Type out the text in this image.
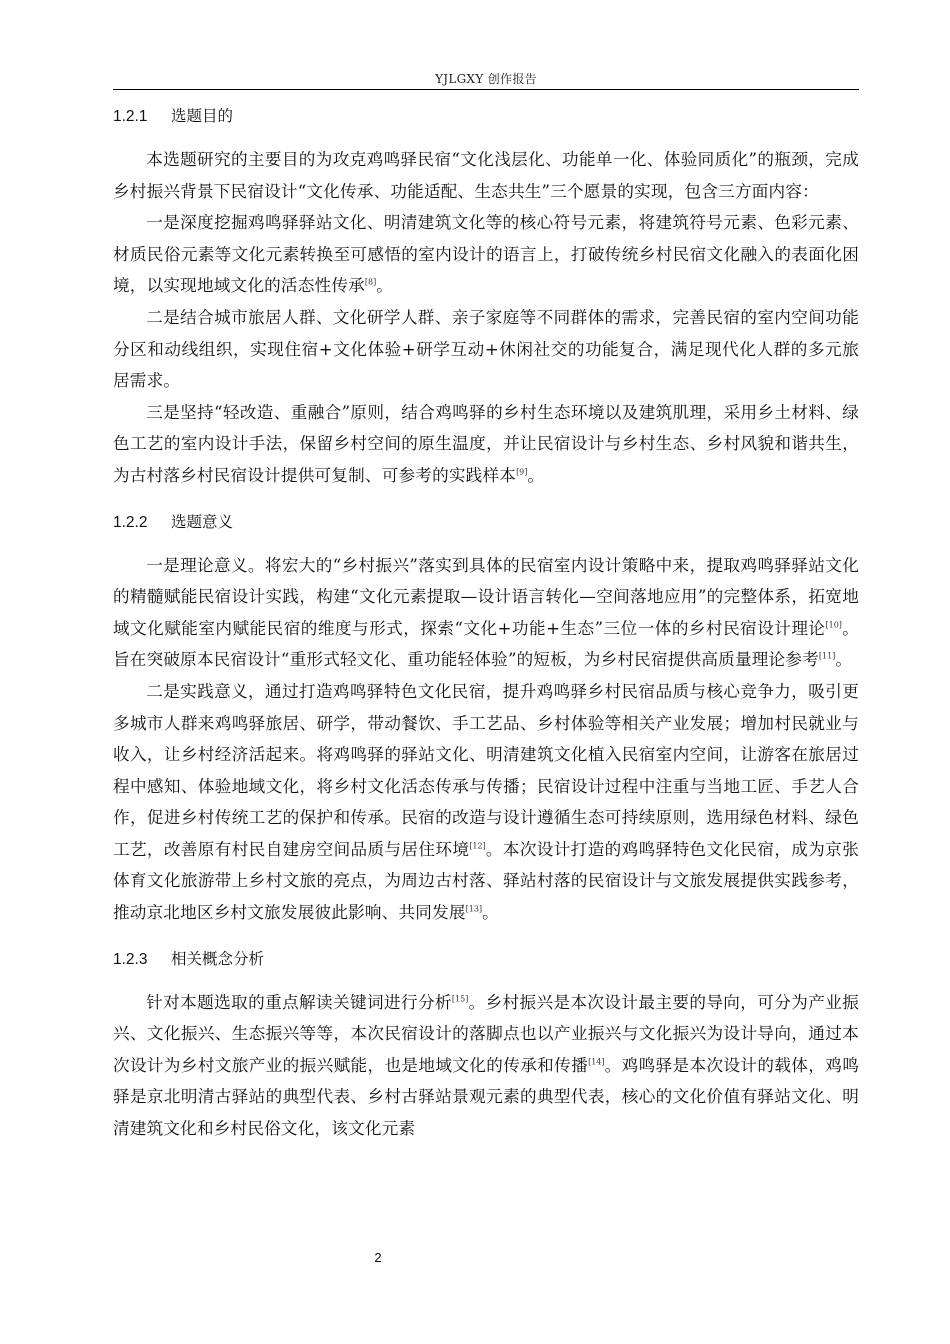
YJLGXY 创作报告
1.2.1 选题目的

本选题研究的主要目的为攻克鸡鸣驿民宿“文化浅层化、功能单一化、体验同质化”的瓶颈，完成乡村振兴背景下民宿设计“文化传承、功能适配、生态共生”三个愿景的实现，包含三方面内容：

一是深度挖掘鸡鸣驿驿站文化、明清建筑文化等的核心符号元素，将建筑符号元素、色彩元素、材质民俗元素等文化元素转换至可感悟的室内设计的语言上，打破传统乡村民宿文化融入的表面化困境，以实现地域文化的活态性传承[8]。

二是结合城市旅居人群、文化研学人群、亲子家庭等不同群体的需求，完善民宿的室内空间功能分区和动线组织，实现住宿+文化体验+研学互动+休闲社交的功能复合，满足现代化人群的多元旅居需求。

三是坚持“轻改造、重融合”原则，结合鸡鸣驿的乡村生态环境以及建筑肌理，采用乡土材料、绿色工艺的室内设计手法，保留乡村空间的原生温度，并让民宿设计与乡村生态、乡村风貌和谐共生，为古村落乡村民宿设计提供可复制、可参考的实践样本[9]。

1.2.2 选题意义

一是理论意义。将宏大的“乡村振兴”落实到具体的民宿室内设计策略中来，提取鸡鸣驿驿站文化的精髓赋能民宿设计实践，构建“文化元素提取—设计语言转化—空间落地应用”的完整体系，拓宽地域文化赋能室内赋能民宿的维度与形式，探索“文化+功能+生态”三位一体的乡村民宿设计理论[10]。旨在突破原本民宿设计“重形式轻文化、重功能轻体验”的短板，为乡村民宿提供高质量理论参考[11]。

二是实践意义，通过打造鸡鸣驿特色文化民宿，提升鸡鸣驿乡村民宿品质与核心竞争力，吸引更多城市人群来鸡鸣驿旅居、研学，带动餐饮、手工艺品、乡村体验等相关产业发展；增加村民就业与收入，让乡村经济活起来。将鸡鸣驿的驿站文化、明清建筑文化植入民宿室内空间，让游客在旅居过程中感知、体验地域文化，将乡村文化活态传承与传播；民宿设计过程中注重与当地工匠、手艺人合作，促进乡村传统工艺的保护和传承。民宿的改造与设计遵循生态可持续原则，选用绿色材料、绿色工艺，改善原有村民自建房空间品质与居住环境[12]。本次设计打造的鸡鸣驿特色文化民宿，成为京张体育文化旅游带上乡村文旅的亮点，为周边古村落、驿站村落的民宿设计与文旅发展提供实践参考，推动京北地区乡村文旅发展彼此影响、共同发展[13]。

1.2.3 相关概念分析

针对本题选取的重点解读关键词进行分析[15]。乡村振兴是本次设计最主要的导向，可分为产业振兴、文化振兴、生态振兴等等，本次民宿设计的落脚点也以产业振兴与文化振兴为设计导向，通过本次设计为乡村文旅产业的振兴赋能，也是地域文化的传承和传播[14]。鸡鸣驿是本次设计的载体，鸡鸣驿是京北明清古驿站的典型代表、乡村古驿站景观元素的典型代表，核心的文化价值有驿站文化、明清建筑文化和乡村民俗文化，该文化元素

2
